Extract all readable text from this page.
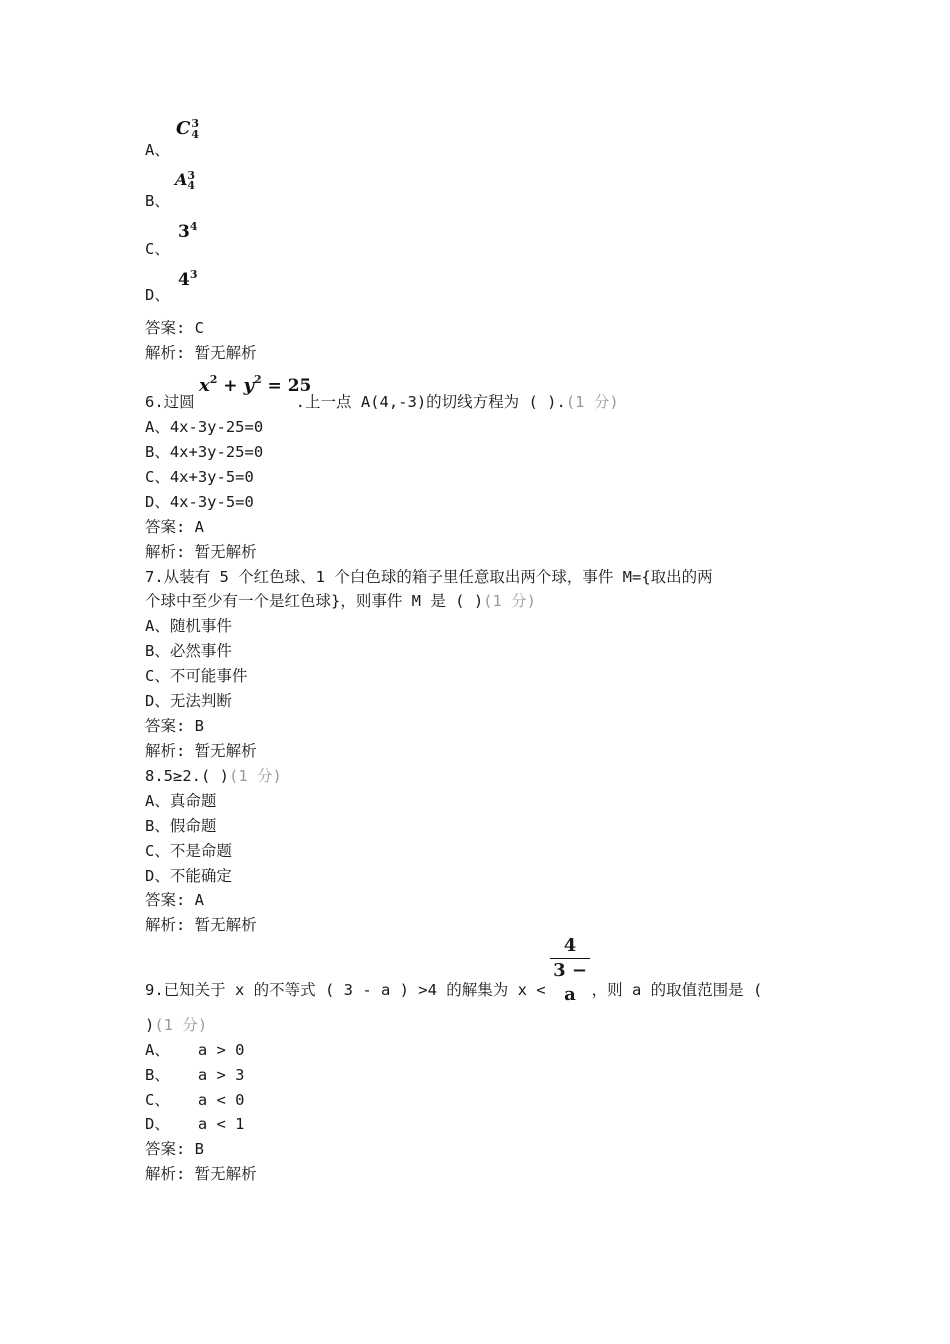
A、
C 3
4
B、
A 3
4
C、
$3^4$
D、
$4^3$
答案: C
解析: 暂无解析
6.过圆	.上一点 A(4,-3)的切线方程为 ( ).(1 分)
$x^2 + y^2 = 25$
A、4x-3y-25=0
B、4x+3y-25=0
C、4x+3y-5=0
D、4x-3y-5=0
答案: A
解析: 暂无解析
7.从装有 5 个红色球、1 个白色球的箱子里任意取出两个球，事件 M={取出的两
个球中至少有一个是红色球}，则事件 M 是 ( )(1 分)
A、随机事件
B、必然事件
C、不可能事件
D、无法判断
答案: B
解析: 暂无解析
8.5≥2.( )(1 分)
A、真命题
B、假命题
C、不是命题
D、不能确定
答案: A
解析: 暂无解析
9.已知关于 x 的不等式 ( 3 - a ) >4 的解集为 x <	，则 a 的取值范围是 (
4
3 − a
)(1 分)
A、   a > 0
B、   a > 3
C、   a < 0
D、   a < 1
答案: B
解析: 暂无解析
